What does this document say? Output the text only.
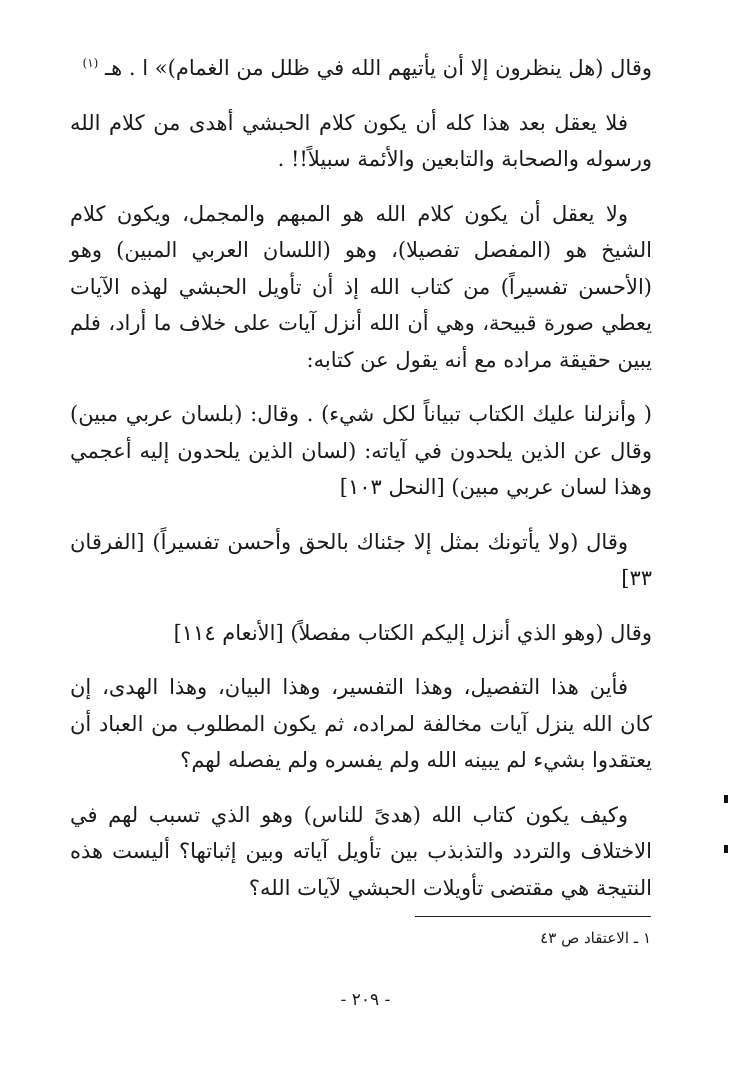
وقال (هل ينظرون إلا أن يأتيهم الله في ظلل من الغمام)» ا . هـ $^{(١)}$

فلا يعقل بعد هذا كله أن يكون كلام الحبشي أهدى من كلام الله ورسوله والصحابة والتابعين والأئمة سبيلاً!! .

ولا يعقل أن يكون كلام الله هو المبهم والمجمل، ويكون كلام الشيخ هو (المفصل تفصيلا)، وهو (اللسان العربي المبين) وهو (الأحسن تفسيراً) من كتاب الله إذ أن تأويل الحبشي لهذه الآيات يعطي صورة قبيحة، وهي أن الله أنزل آيات على خلاف ما أراد، فلم يبين حقيقة مراده مع أنه يقول عن كتابه:

( وأنزلنا عليك الكتاب تبياناً لكل شيء) . وقال: (بلسان عربي مبين) وقال عن الذين يلحدون في آياته: (لسان الذين يلحدون إليه أعجمي وهذا لسان عربي مبين) [النحل ١٠٣]

وقال (ولا يأتونك بمثل إلا جئناك بالحق وأحسن تفسيراً) [الفرقان ٣٣]

وقال (وهو الذي أنزل إليكم الكتاب مفصلاً) [الأنعام ١١٤]

فأين هذا التفصيل، وهذا التفسير، وهذا البيان، وهذا الهدى، إن كان الله ينزل آيات مخالفة لمراده، ثم يكون المطلوب من العباد أن يعتقدوا بشيء لم يبينه الله ولم يفسره ولم يفصله لهم؟

وكيف يكون كتاب الله (هدىً للناس) وهو الذي تسبب لهم في الاختلاف والتردد والتذبذب بين تأويل آياته وبين إثباتها؟ أليست هذه النتيجة هي مقتضى تأويلات الحبشي لآيات الله؟

١ ـ الاعتقاد ص ٤٣
- ٢٠٩ -
